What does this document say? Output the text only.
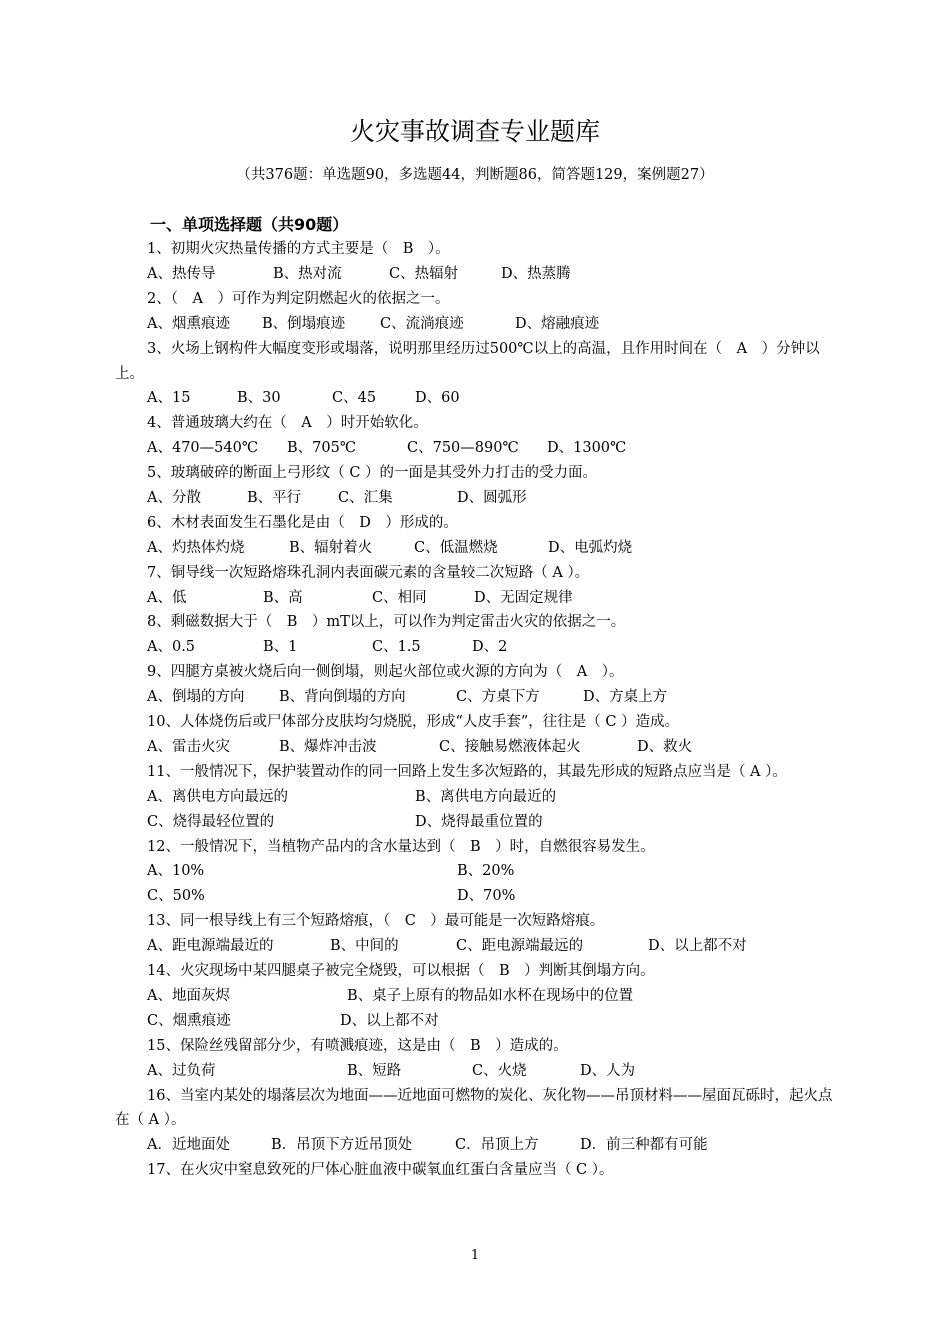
火灾事故调查专业题库
（共376题：单选题90，多选题44，判断题86，简答题129，案例题27）
一、单项选择题（共90题）

1、初期火灾热量传播的方式主要是（　B　）。

A、热传导	B、热对流	C、热辐射	D、热蒸腾

2、（　A　）可作为判定阴燃起火的依据之一。

A、烟熏痕迹 B、倒塌痕迹 C、流淌痕迹	D、熔融痕迹

3、火场上钢构件大幅度变形或塌落，说明那里经历过500℃以上的高温，且作用时间在（　A　）分钟以上。

A、15	B、30	C、45	D、60

4、普通玻璃大约在（　A　）时开始软化。

A、470—540℃ B、705℃	C、750—890℃ D、1300℃

5、玻璃破碎的断面上弓形纹（ C ）的一面是其受外力打击的受力面。

A、分散	B、平行	C、汇集	D、圆弧形

6、木材表面发生石墨化是由（　D　）形成的。

A、灼热体灼烧	B、辐射着火	C、低温燃烧	D、电弧灼烧

7、铜导线一次短路熔珠孔洞内表面碳元素的含量较二次短路（ A ）。

A、低	B、高	C、相同	D、无固定规律

8、剩磁数据大于（　B　）mT以上，可以作为判定雷击火灾的依据之一。

A、0.5	B、1	C、1.5	D、2

9、四腿方桌被火烧后向一侧倒塌，则起火部位或火源的方向为（　A　）。

A、倒塌的方向 B、背向倒塌的方向	C、方桌下方	D、方桌上方

10、人体烧伤后或尸体部分皮肤均匀烧脱，形成“人皮手套”，往往是（ C ）造成。

A、雷击火灾	B、爆炸冲击波	C、接触易燃液体起火	D、救火

11、一般情况下，保护装置动作的同一回路上发生多次短路的，其最先形成的短路点应当是（ A ）。

A、离供电方向最远的	B、离供电方向最近的
C、烧得最轻位置的	D、烧得最重位置的

12、一般情况下，当植物产品内的含水量达到（　B　）时，自燃很容易发生。

A、10%	B、20%
C、50%	D、70%

13、同一根导线上有三个短路熔痕，（　C　）最可能是一次短路熔痕。

A、距电源端最近的	B、中间的	C、距电源端最远的	D、以上都不对

14、火灾现场中某四腿桌子被完全烧毁，可以根据（　B　）判断其倒塌方向。

A、地面灰烬	B、桌子上原有的物品如水杯在现场中的位置
C、烟熏痕迹	D、以上都不对

15、保险丝残留部分少，有喷溅痕迹，这是由（　B　）造成的。

A、过负荷	B、短路	C、火烧	D、人为

16、当室内某处的塌落层次为地面——近地面可燃物的炭化、灰化物——吊顶材料——屋面瓦砾时，起火点在（ A ）。

A．近地面处	B．吊顶下方近吊顶处	C．吊顶上方	D．前三种都有可能

17、在火灾中窒息致死的尸体心脏血液中碳氧血红蛋白含量应当（ C ）。

1
